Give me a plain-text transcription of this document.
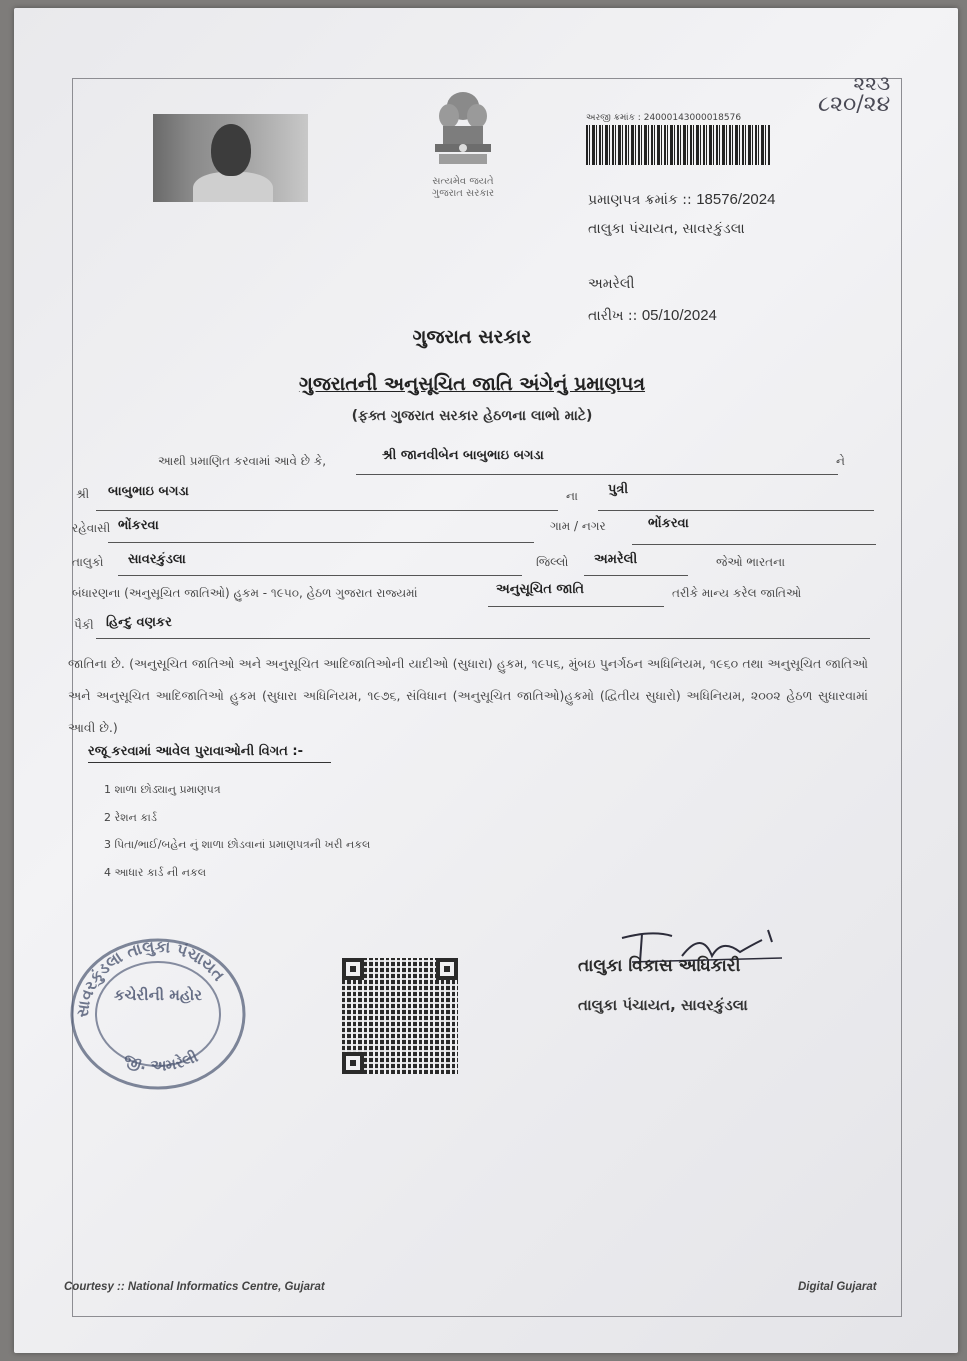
સત્યમેવ જયતે
ગુજરાત સરકાર
અરજી ક્રમાંક : 24000143000018576
૨૨૩
૮૨૦/૨૪
પ્રમાણપત્ર ક્રમાંક :: 18576/2024
તાલુકા પંચાયત, સાવરકુંડલા
અમરેલી
તારીખ :: 05/10/2024
ગુજરાત સરકાર
ગુજરાતની અનુસૂચિત જાતિ અંગેનું પ્રમાણપત્ર
(ફક્ત ગુજરાત સરકાર હેઠળના લાભો માટે)
આથી પ્રમાણિત કરવામાં આવે છે કે,	શ્રી જાનવીબેન બાબુભાઇ બગડા	ને
શ્રી બાબુભાઇ બગડા	ના પુત્રી
રહેવાસી ભોંકરવા	ગામ / નગર	ભોંકરવા
તાલુકો સાવરકુંડલા	જિલ્લો અમરેલી	જેઓ ભારતના
બંધારણના (અનુસૂચિત જાતિઓ) હુકમ - ૧૯૫૦, હેઠળ ગુજરાત રાજ્યમાં	અનુસૂચિત જાતિ	તરીકે માન્ય કરેલ જાતિઓ
પૈકી હિન્દુ વણકર
જાતિના છે. (અનુસૂચિત જાતિઓ અને અનુસૂચિત આદિજાતિઓની યાદીઓ (સુધારા) હુકમ, ૧૯૫૬, મુંબઇ પુનર્ગઠન અધિનિયમ, ૧૯૬૦ તથા અનુસૂચિત જાતિઓ અને અનુસૂચિત આદિજાતિઓ હુકમ (સુધારા અધિનિયમ, ૧૯૭૬, સંવિધાન (અનુસૂચિત જાતિઓ)હુકમો (દ્વિતીય સુધારો) અધિનિયમ, ૨૦૦૨ હેઠળ સુધારવામાં આવી છે.)
રજૂ કરવામાં આવેલ પુરાવાઓની વિગત :-
1 શાળા છોડ્યાનુ પ્રમાણપત્ર
2 રેશન કાર્ડ
3 પિતા/ભાઈ/બહેન નું શાળા છોડવાનાં પ્રમાણપત્રની ખરી નકલ
4 આધાર કાર્ડ ની નકલ
સાવરકુંડલા તાલુકા પંચાયત
કચેરીની મહોર
જી. અમરેલી
તાલુકા વિકાસ અધિકારી
તાલુકા પંચાયત, સાવરકુંડલા
Courtesy :: National Informatics Centre, Gujarat	Digital Gujarat
